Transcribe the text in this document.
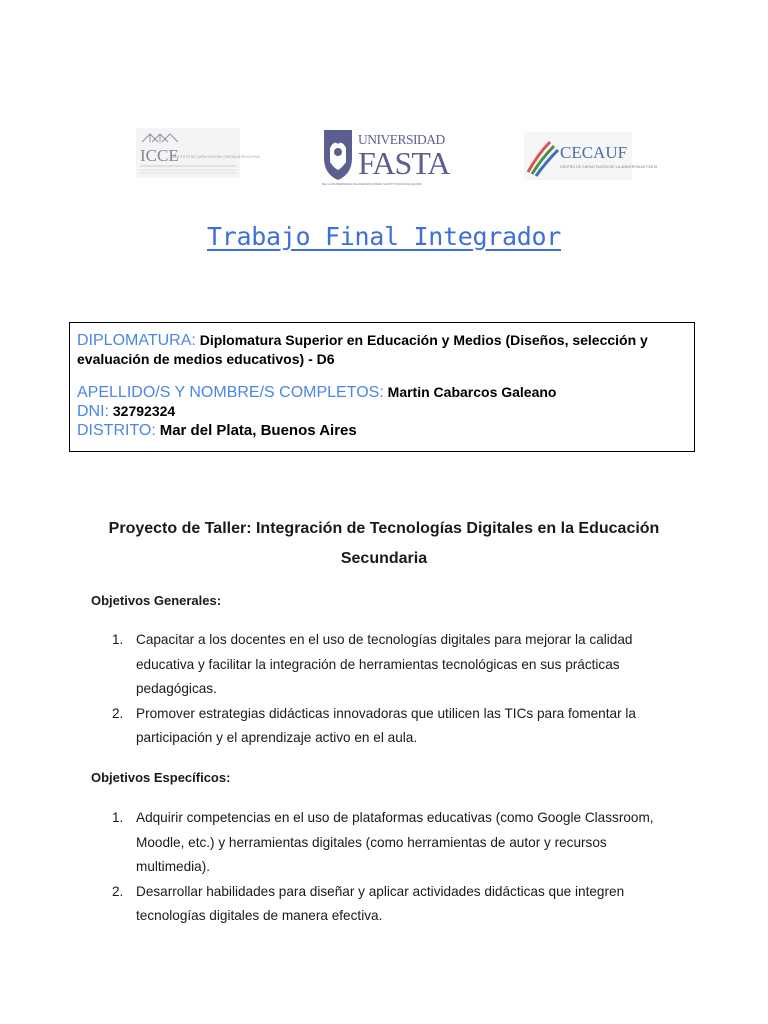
ICCE
INSTITUTO DE CAPACITACIÓN CONTINUA EDUCATIVA
UNIVERSIDAD
FASTA
DE LA FRATERNIDAD DE AGRUPACIONES SANTO TOMAS DE AQUINO
CECAUF
CENTRO DE CAPACITACIÓN DE LA UNIVERSIDAD FASTA
Trabajo Final Integrador
DIPLOMATURA: Diplomatura Superior en Educación y Medios (Diseños, selección y
evaluación de medios educativos) - D6
APELLIDO/S Y NOMBRE/S COMPLETOS: Martin Cabarcos Galeano
DNI: 32792324
DISTRITO: Mar del Plata, Buenos Aires
Proyecto de Taller: Integración de Tecnologías Digitales en la Educación
Secundaria
Objetivos Generales:
1. Capacitar a los docentes en el uso de tecnologías digitales para mejorar la calidad
educativa y facilitar la integración de herramientas tecnológicas en sus prácticas
pedagógicas.
2. Promover estrategias didácticas innovadoras que utilicen las TICs para fomentar la
participación y el aprendizaje activo en el aula.
Objetivos Específicos:
1. Adquirir competencias en el uso de plataformas educativas (como Google Classroom,
Moodle, etc.) y herramientas digitales (como herramientas de autor y recursos
multimedia).
2. Desarrollar habilidades para diseñar y aplicar actividades didácticas que integren
tecnologías digitales de manera efectiva.
